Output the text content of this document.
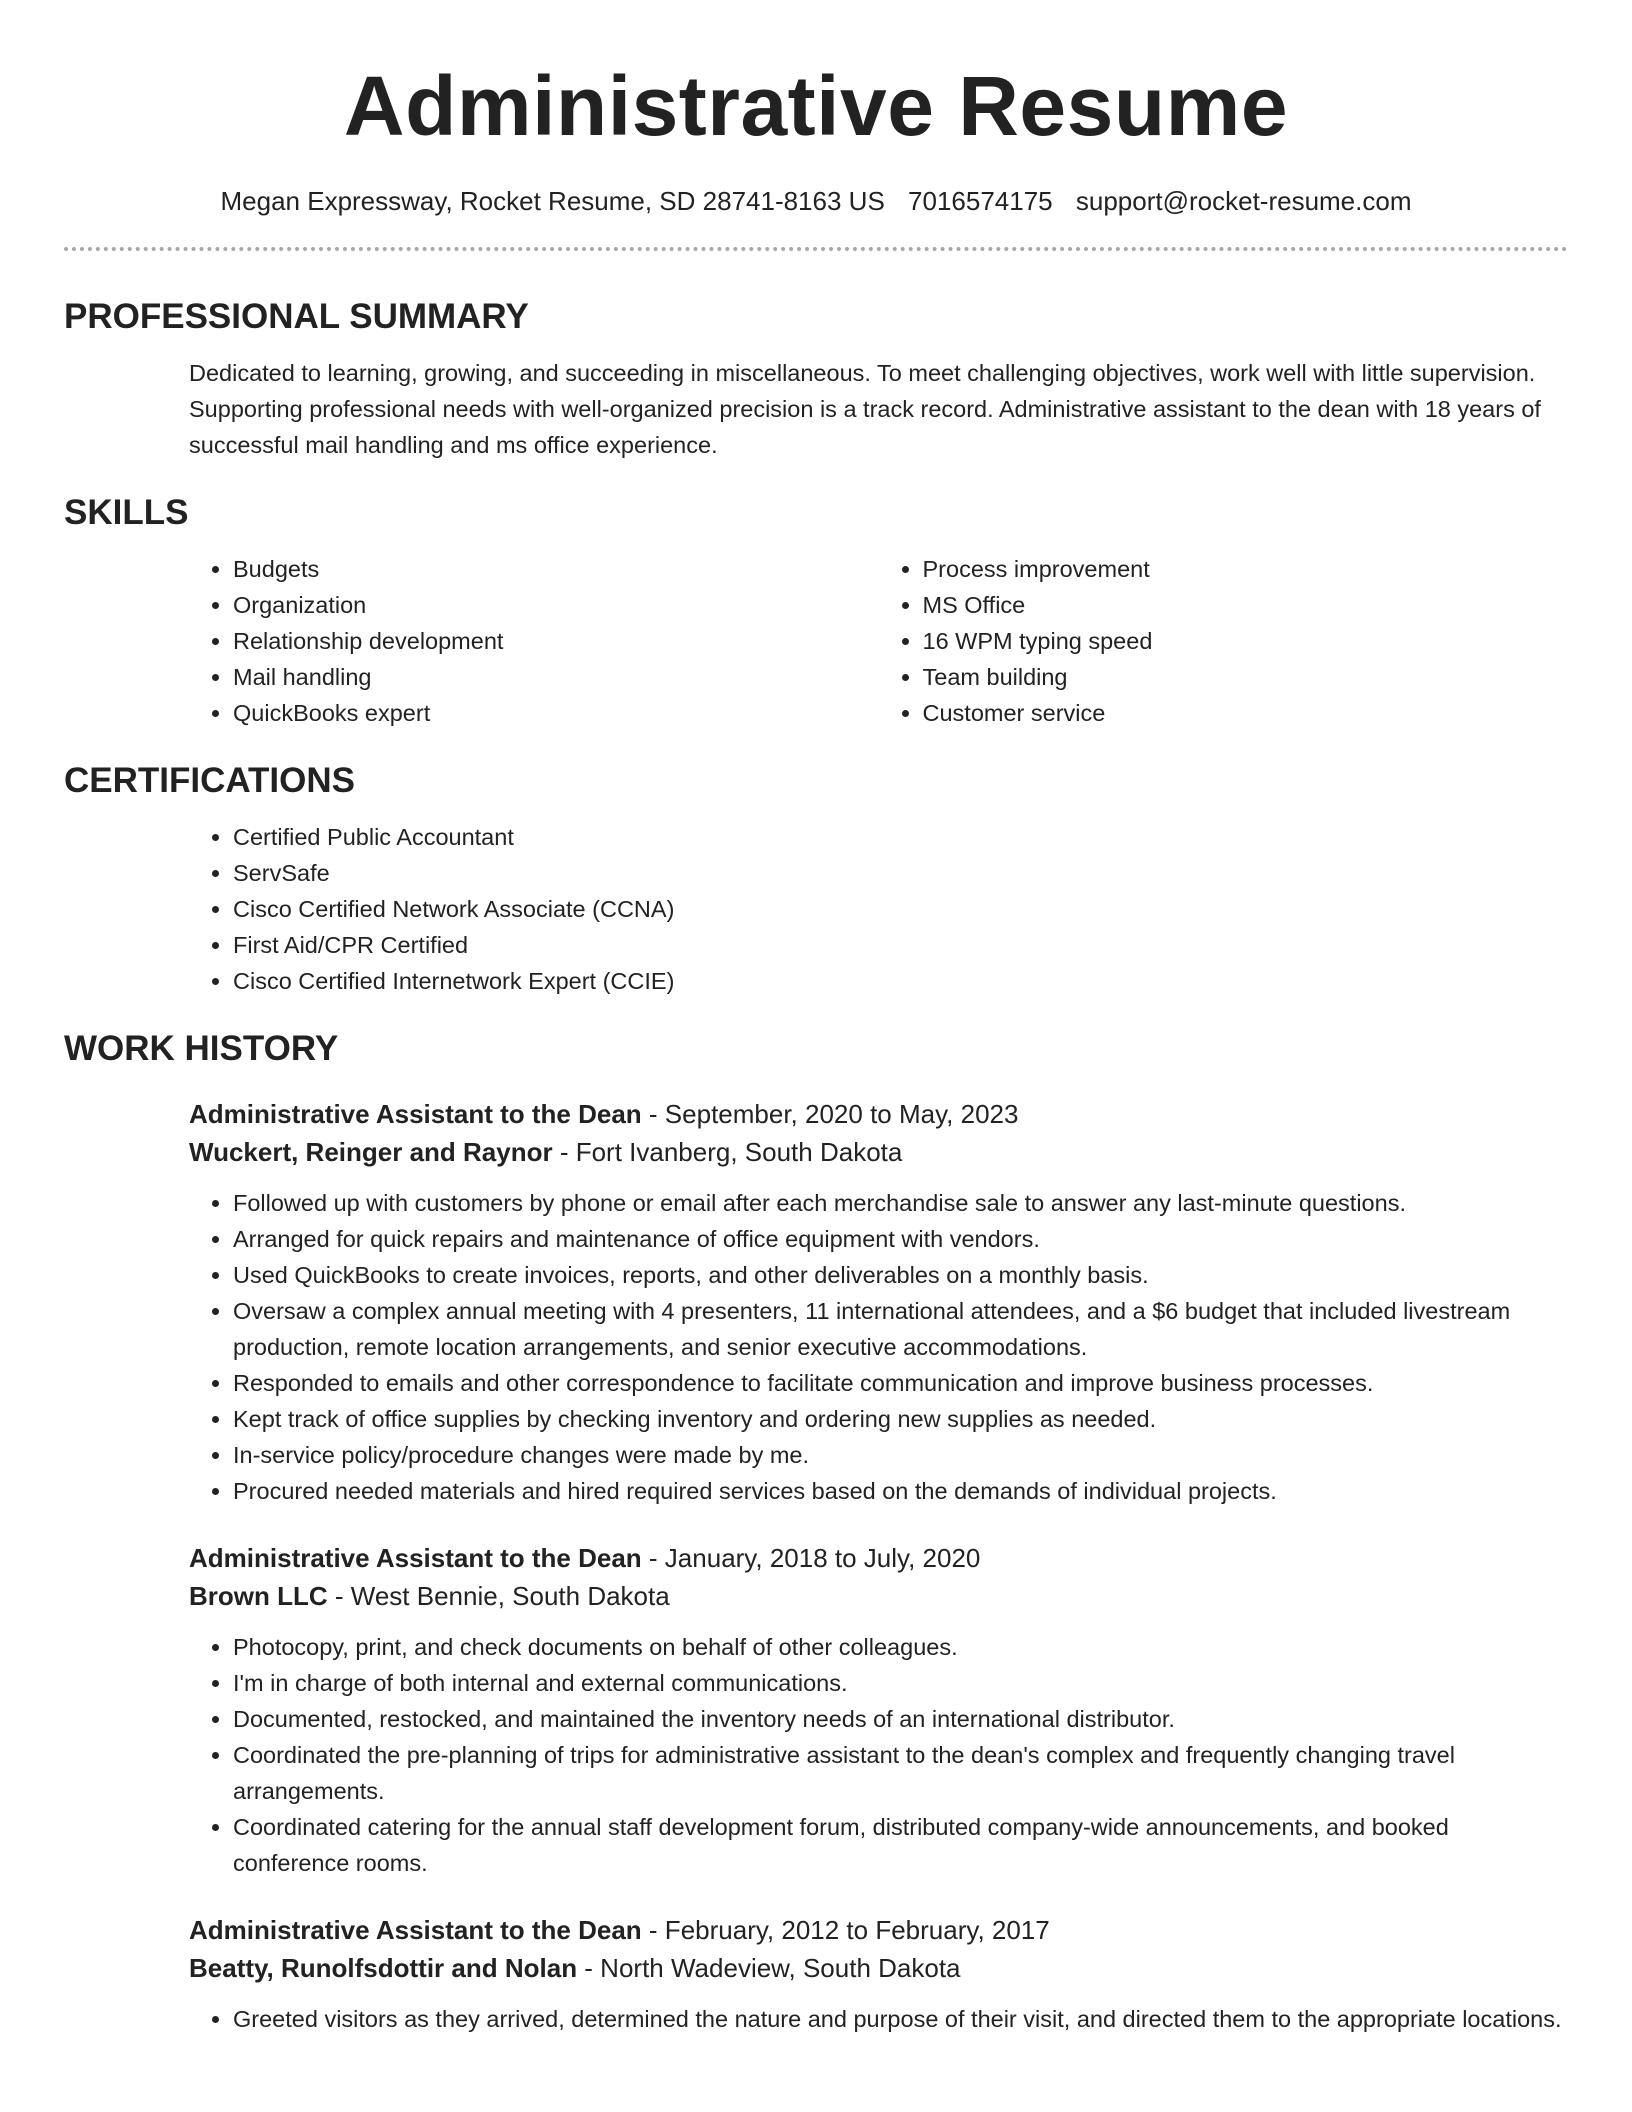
Administrative Resume
Megan Expressway, Rocket Resume, SD 28741-8163 US 7016574175 support@rocket-resume.com
PROFESSIONAL SUMMARY

Dedicated to learning, growing, and succeeding in miscellaneous. To meet challenging objectives, work well with little supervision. Supporting professional needs with well-organized precision is a track record. Administrative assistant to the dean with 18 years of successful mail handling and ms office experience.

SKILLS
• Budgets
• Organization
• Relationship development
• Mail handling
• QuickBooks expert
• Process improvement
• MS Office
• 16 WPM typing speed
• Team building
• Customer service
CERTIFICATIONS
• Certified Public Accountant
• ServSafe
• Cisco Certified Network Associate (CCNA)
• First Aid/CPR Certified
• Cisco Certified Internetwork Expert (CCIE)
WORK HISTORY
Administrative Assistant to the Dean - September, 2020 to May, 2023
Wuckert, Reinger and Raynor - Fort Ivanberg, South Dakota
• Followed up with customers by phone or email after each merchandise sale to answer any last-minute questions.
• Arranged for quick repairs and maintenance of office equipment with vendors.
• Used QuickBooks to create invoices, reports, and other deliverables on a monthly basis.
• Oversaw a complex annual meeting with 4 presenters, 11 international attendees, and a $6 budget that included livestream production, remote location arrangements, and senior executive accommodations.
• Responded to emails and other correspondence to facilitate communication and improve business processes.
• Kept track of office supplies by checking inventory and ordering new supplies as needed.
• In-service policy/procedure changes were made by me.
• Procured needed materials and hired required services based on the demands of individual projects.
Administrative Assistant to the Dean - January, 2018 to July, 2020
Brown LLC - West Bennie, South Dakota
• Photocopy, print, and check documents on behalf of other colleagues.
• I'm in charge of both internal and external communications.
• Documented, restocked, and maintained the inventory needs of an international distributor.
• Coordinated the pre-planning of trips for administrative assistant to the dean's complex and frequently changing travel arrangements.
• Coordinated catering for the annual staff development forum, distributed company-wide announcements, and booked conference rooms.
Administrative Assistant to the Dean - February, 2012 to February, 2017
Beatty, Runolfsdottir and Nolan - North Wadeview, South Dakota
• Greeted visitors as they arrived, determined the nature and purpose of their visit, and directed them to the appropriate locations.
